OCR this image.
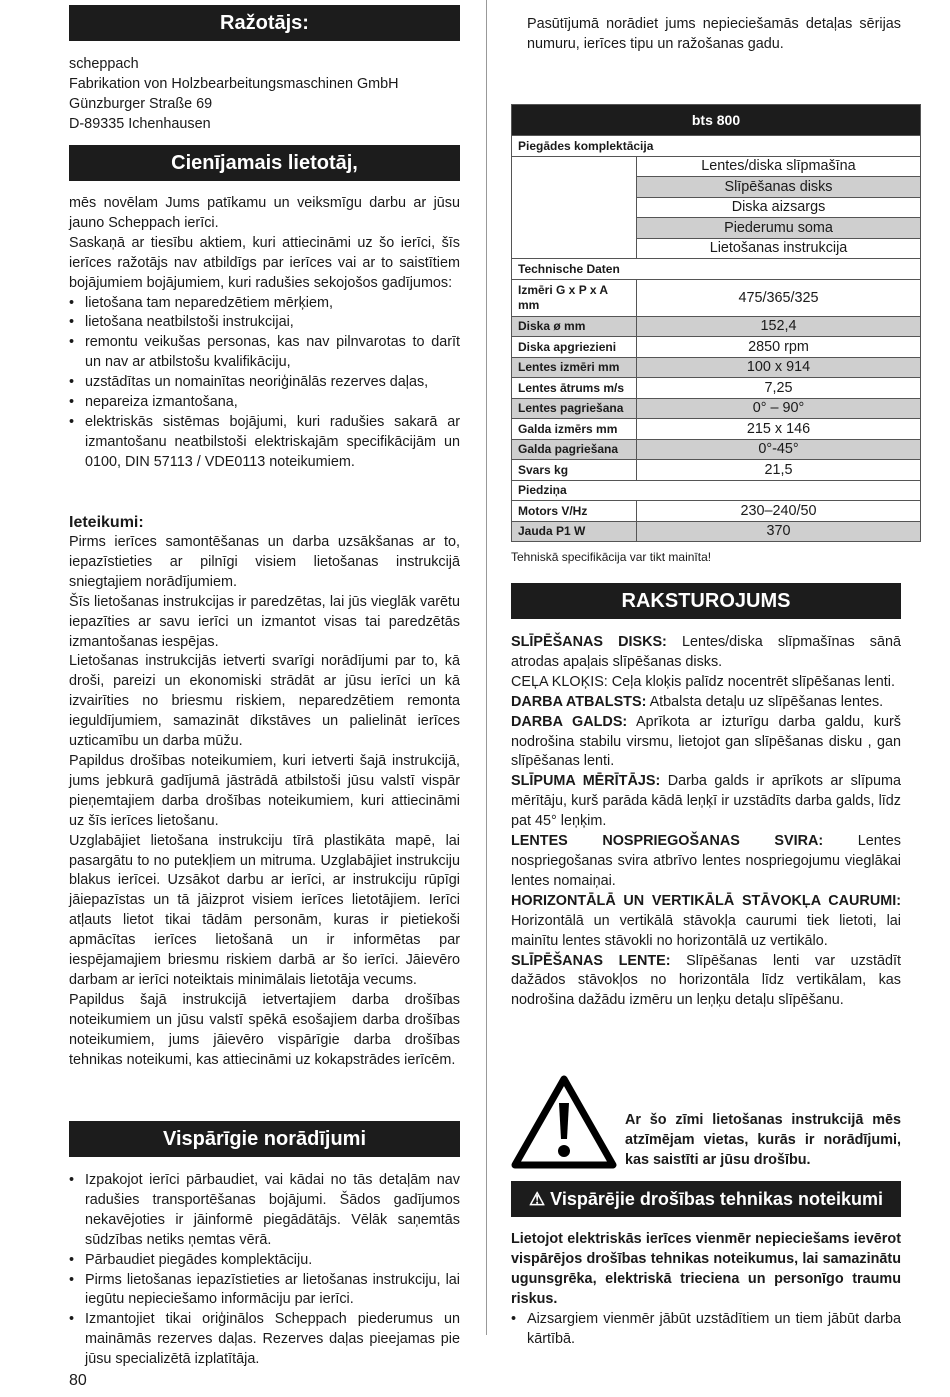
Ražotājs:
scheppach
Fabrikation von Holzbearbeitungsmaschinen GmbH
Günzburger Straße 69
D-89335 Ichenhausen
Cienījamais lietotāj,

mēs novēlam Jums patīkamu un veiksmīgu darbu ar jūsu jauno Scheppach ierīci.

Saskaņā ar tiesību aktiem, kuri attiecināmi uz šo ierīci, šīs ierīces ražotājs nav atbildīgs par ierīces vai ar to saistītiem bojājumiem bojājumiem, kuri radušies sekojošos gadījumos:

• lietošana tam neparedzētiem mērķiem,
• lietošana neatbilstoši instrukcijai,
• remontu veikušas personas, kas nav pilnvarotas to darīt un nav ar atbilstošu kvalifikāciju,
• uzstādītas un nomainītas neoriģinālās rezerves daļas,
• nepareiza izmantošana,
• elektriskās sistēmas bojājumi, kuri radušies sakarā ar izmantošanu neatbilstoši elektriskajām specifikācijām un 0100, DIN 57113 / VDE0113 noteikumiem.
Ieteikumi:

Pirms ierīces samontēšanas un darba uzsākšanas ar to, iepazīstieties ar pilnīgi visiem lietošanas instrukcijā sniegtajiem norādījumiem.

Šīs lietošanas instrukcijas ir paredzētas, lai jūs vieglāk varētu iepazīties ar savu ierīci un izmantot visas tai paredzētās izmantošanas iespējas.

Lietošanas instrukcijās ietverti svarīgi norādījumi par to, kā droši, pareizi un ekonomiski strādāt ar jūsu ierīci un kā izvairīties no briesmu riskiem, neparedzētiem remonta ieguldījumiem, samazināt dīkstāves un palielināt ierīces uzticamību un darba mūžu.

Papildus drošības noteikumiem, kuri ietverti šajā instrukcijā, jums jebkurā gadījumā jāstrādā atbilstoši jūsu valstī vispār pieņemtajiem darba drošības noteikumiem, kuri attiecināmi uz šīs ierīces lietošanu.

Uzglabājiet lietošana instrukciju tīrā plastikāta mapē, lai pasargātu to no putekļiem un mitruma. Uzglabājiet instrukciju blakus ierīcei. Uzsākot darbu ar ierīci, ar instrukciju rūpīgi jāiepazīstas un tā jāizprot visiem ierīces lietotājiem. Ierīci atļauts lietot tikai tādām personām, kuras ir pietiekoši apmācītas ierīces lietošanā un ir informētas par iespējamajiem briesmu riskiem darbā ar šo ierīci. Jāievēro darbam ar ierīci noteiktais minimālais lietotāja vecums.

Papildus šajā instrukcijā ietvertajiem darba drošības noteikumiem un jūsu valstī spēkā esošajiem darba drošības noteikumiem, jums jāievēro vispārīgie darba drošības tehnikas noteikumi, kas attiecināmi uz kokapstrādes ierīcēm.

Vispārīgie norādījumi
• Izpakojot ierīci pārbaudiet, vai kādai no tās detaļām nav radušies transportēšanas bojājumi. Šādos gadījumos nekavējoties ir jāinformē piegādātājs. Vēlāk saņemtās sūdzības netiks ņemtas vērā.
• Pārbaudiet piegādes komplektāciju.
• Pirms lietošanas iepazīstieties ar lietošanas instrukciju, lai iegūtu nepieciešamo informāciju par ierīci.
• Izmantojiet tikai oriģinālos Scheppach piederumus un maināmās rezerves daļas. Rezerves daļas pieejamas pie jūsu specializētā izplatītāja.
Pasūtījumā norādiet jums nepieciešamās detaļas sērijas numuru, ierīces tipu un ražošanas gadu.
bts 800	
Piegādes komplektācija	
	Lentes/diska slīpmašīna
	Slīpēšanas disks
	Diska aizsargs
	Piederumu soma
	Lietošanas instrukcija
Technische Daten	
Izmēri G x P x A mm	475/365/325
Diska ø mm	152,4
Diska apgriezieni	2850 rpm
Lentes izmēri mm	100 x 914
Lentes ātrums m/s	7,25
Lentes pagriešana	0° – 90°
Galda izmērs mm	215 x 146
Galda pagriešana	0°-45°
Svars kg	21,5
Piedziņa	
Motors V/Hz	230–240/50
Jauda P1 W	370
Tehniskā specifikācija var tikt mainīta!
RAKSTUROJUMS

SLĪPĒŠANAS DISKS: Lentes/diska slīpmašīnas sānā atrodas apaļais slīpēšanas disks.

CEĻA KLOĶIS: Ceļa kloķis palīdz nocentrēt slīpēšanas lenti.

DARBA ATBALSTS: Atbalsta detaļu uz slīpēšanas lentes.

DARBA GALDS: Aprīkota ar izturīgu darba galdu, kurš nodrošina stabilu virsmu, lietojot gan slīpēšanas disku , gan slīpēšanas lenti.

SLĪPUMA MĒRĪTĀJS: Darba galds ir aprīkots ar slīpuma mērītāju, kurš parāda kādā leņķī ir uzstādīts darba galds, līdz pat 45° leņķim.

LENTES NOSPRIEGOŠANAS SVIRA: Lentes nospriegošanas svira atbrīvo lentes nospriegojumu vieglākai lentes nomaiņai.

HORIZONTĀLĀ UN VERTIKĀLĀ STĀVOKĻA CAURUMI: Horizontālā un vertikālā stāvokļa caurumi tiek lietoti, lai mainītu lentes stāvokli no horizontālā uz vertikālo.

SLĪPĒŠANAS LENTE: Slīpēšanas lenti var uzstādīt dažādos stāvokļos no horizontāla līdz vertikālam, kas nodrošina dažādu izmēru un leņķu detaļu slīpēšanu.

Ar šo zīmi lietošanas instrukcijā mēs atzīmējam vietas, kurās ir norādījumi, kas saistīti ar jūsu drošību.
⚠ Vispārējie drošības tehnikas noteikumi

Lietojot elektriskās ierīces vienmēr nepieciešams ievērot vispārējos drošības tehnikas noteikumus, lai samazinātu ugunsgrēka, elektriskā trieciena un personīgo traumu riskus.

• Aizsargiem vienmēr jābūt uzstādītiem un tiem jābūt darba kārtībā.
80
